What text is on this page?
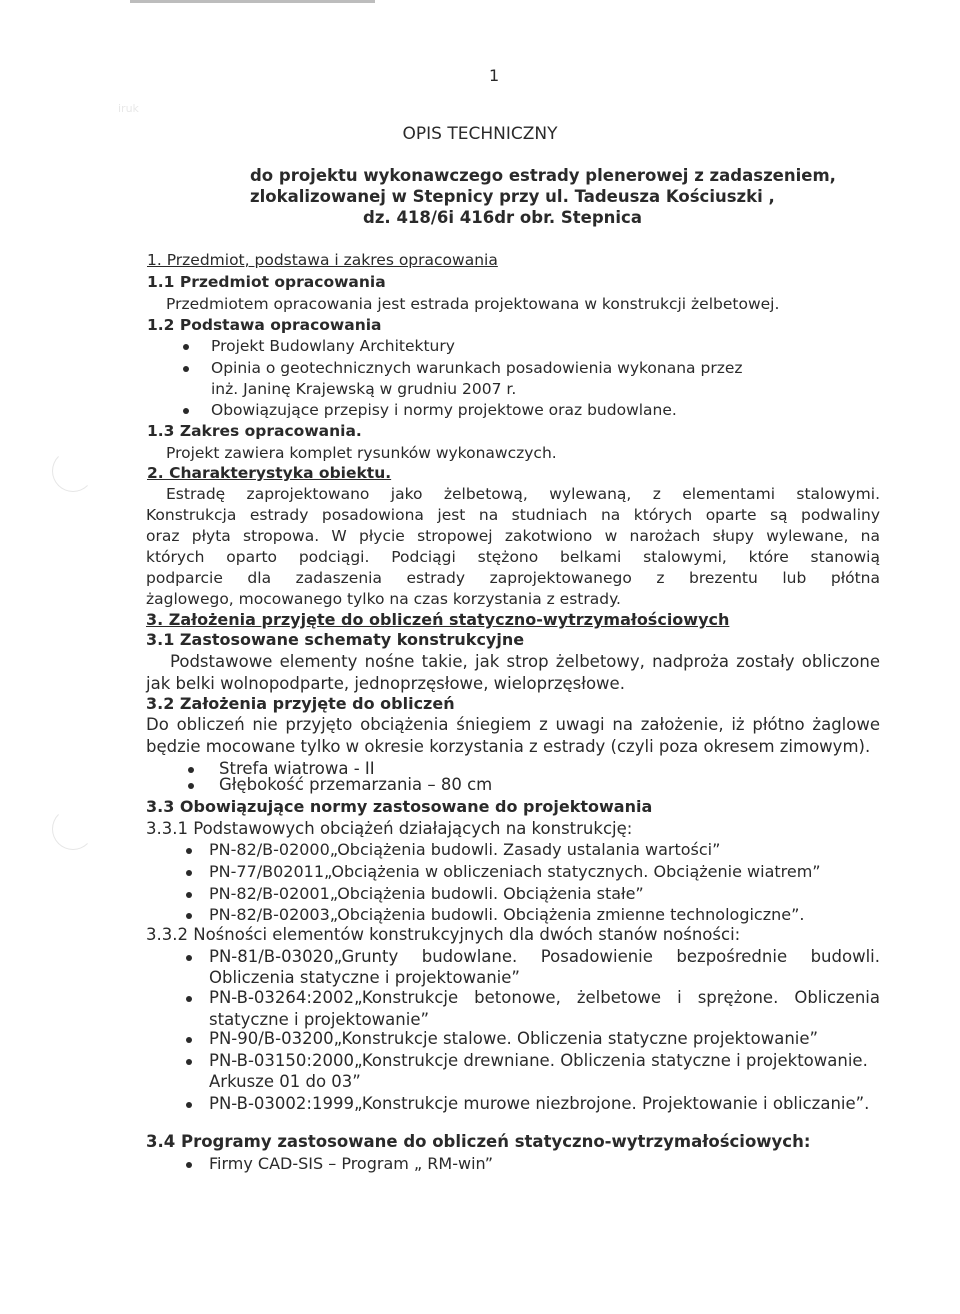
iruk
1
OPIS TECHNICZNY
do projektu wykonawczego estrady plenerowej z zadaszeniem,
zlokalizowanej w Stepnicy przy ul. Tadeusza Kościuszki ,
dz. 418/6i 416dr obr. Stepnica
1. Przedmiot, podstawa i zakres opracowania
1.1 Przedmiot opracowania
Przedmiotem opracowania jest estrada projektowana w konstrukcji żelbetowej.
1.2 Podstawa opracowania
Projekt Budowlany Architektury
Opinia o geotechnicznych warunkach posadowienia wykonana przez
inż. Janinę Krajewską w grudniu 2007 r.
Obowiązujące przepisy i normy projektowe oraz budowlane.
1.3 Zakres opracowania.
Projekt zawiera komplet rysunków wykonawczych.
2. Charakterystyka obiektu.
Estradę zaprojektowano jako żelbetową, wylewaną, z elementami stalowymi.
Konstrukcja estrady posadowiona jest na studniach na których oparte są podwaliny
oraz płyta stropowa. W płycie stropowej zakotwiono w narożach słupy wylewane, na
których oparto podciągi. Podciągi stężono belkami stalowymi, które stanowią
podparcie dla zadaszenia estrady zaprojektowanego z brezentu lub płótna
żaglowego, mocowanego tylko na czas korzystania z estrady.
3. Założenia przyjęte do obliczeń statyczno-wytrzymałościowych
3.1 Zastosowane schematy konstrukcyjne
Podstawowe elementy nośne takie, jak strop żelbetowy, nadproża zostały obliczone
jak belki wolnopodparte, jednoprzęsłowe, wieloprzęsłowe.
3.2 Założenia przyjęte do obliczeń
Do obliczeń nie przyjęto obciążenia śniegiem z uwagi na założenie, iż płótno żaglowe
będzie mocowane tylko w okresie korzystania z estrady (czyli poza okresem zimowym).
Strefa wiatrowa - II
Głębokość przemarzania – 80 cm
3.3 Obowiązujące normy zastosowane do projektowania
3.3.1 Podstawowych obciążeń działających na konstrukcję:
PN-82/B-02000„Obciążenia budowli. Zasady ustalania wartości”
PN-77/B02011„Obciążenia w obliczeniach statycznych. Obciążenie wiatrem”
PN-82/B-02001„Obciążenia budowli. Obciążenia stałe”
PN-82/B-02003„Obciążenia budowli. Obciążenia zmienne technologiczne”.
3.3.2 Nośności elementów konstrukcyjnych dla dwóch stanów nośności:
PN-81/B-03020„Grunty budowlane. Posadowienie bezpośrednie budowli.
Obliczenia statyczne i projektowanie”
PN-B-03264:2002„Konstrukcje betonowe, żelbetowe i sprężone. Obliczenia
statyczne i projektowanie”
PN-90/B-03200„Konstrukcje stalowe. Obliczenia statyczne projektowanie”
PN-B-03150:2000„Konstrukcje drewniane. Obliczenia statyczne i projektowanie.
Arkusze 01 do 03”
PN-B-03002:1999„Konstrukcje murowe niezbrojone. Projektowanie i obliczanie”.
3.4 Programy zastosowane do obliczeń statyczno-wytrzymałościowych:
Firmy CAD-SIS – Program „ RM-win”
